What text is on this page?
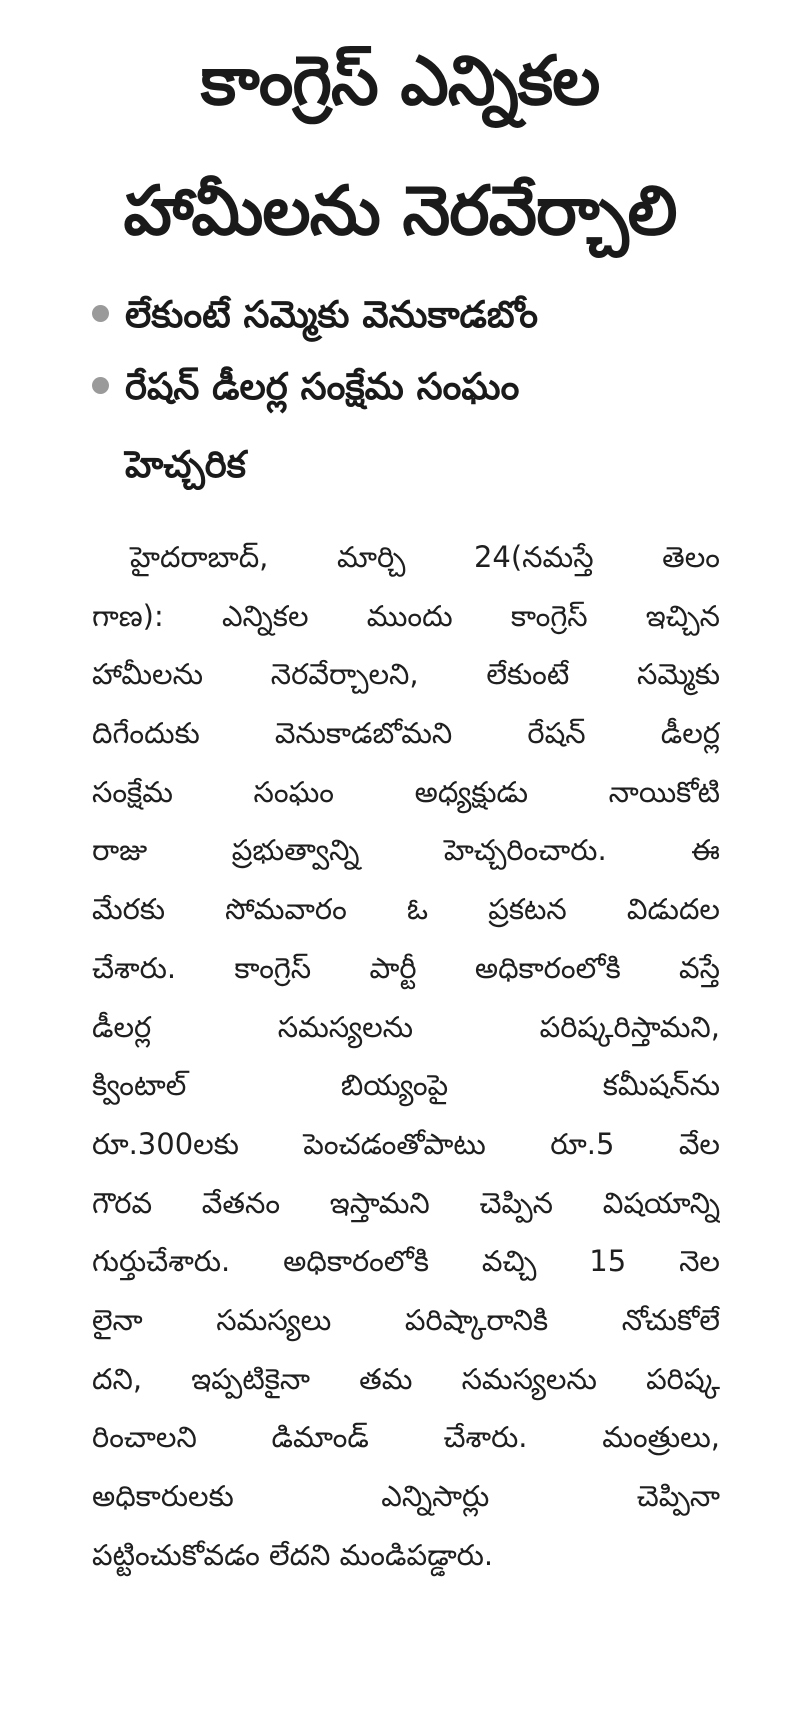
కాంగ్రెస్ ఎన్నికల
హామీలను నెరవేర్చాలి
లేకుంటే సమ్మెకు వెనుకాడబోం
రేషన్ డీలర్ల సంక్షేమ సంఘం
హెచ్చరిక
హైదరాబాద్, మార్చి 24(నమస్తే తెలం
గాణ): ఎన్నికల ముందు కాంగ్రెస్ ఇచ్చిన
హామీలను నెరవేర్చాలని, లేకుంటే సమ్మెకు
దిగేందుకు వెనుకాడబోమని రేషన్ డీలర్ల
సంక్షేమ సంఘం అధ్యక్షుడు నాయికోటి
రాజు ప్రభుత్వాన్ని హెచ్చరించారు. ఈ
మేరకు సోమవారం ఓ ప్రకటన విడుదల
చేశారు. కాంగ్రెస్ పార్టీ అధికారంలోకి వస్తే
డీలర్ల సమస్యలను పరిష్కరిస్తామని,
క్వింటాల్ బియ్యంపై కమీషన్‌ను
రూ.300లకు పెంచడంతోపాటు రూ.5 వేల
గౌరవ వేతనం ఇస్తామని చెప్పిన విషయాన్ని
గుర్తుచేశారు. అధికారంలోకి వచ్చి 15 నెల
లైనా సమస్యలు పరిష్కారానికి నోచుకోలే
దని, ఇప్పటికైనా తమ సమస్యలను పరిష్క
రించాలని డిమాండ్ చేశారు. మంత్రులు,
అధికారులకు ఎన్నిసార్లు చెప్పినా
పట్టించుకోవడం లేదని మండిపడ్డారు.
